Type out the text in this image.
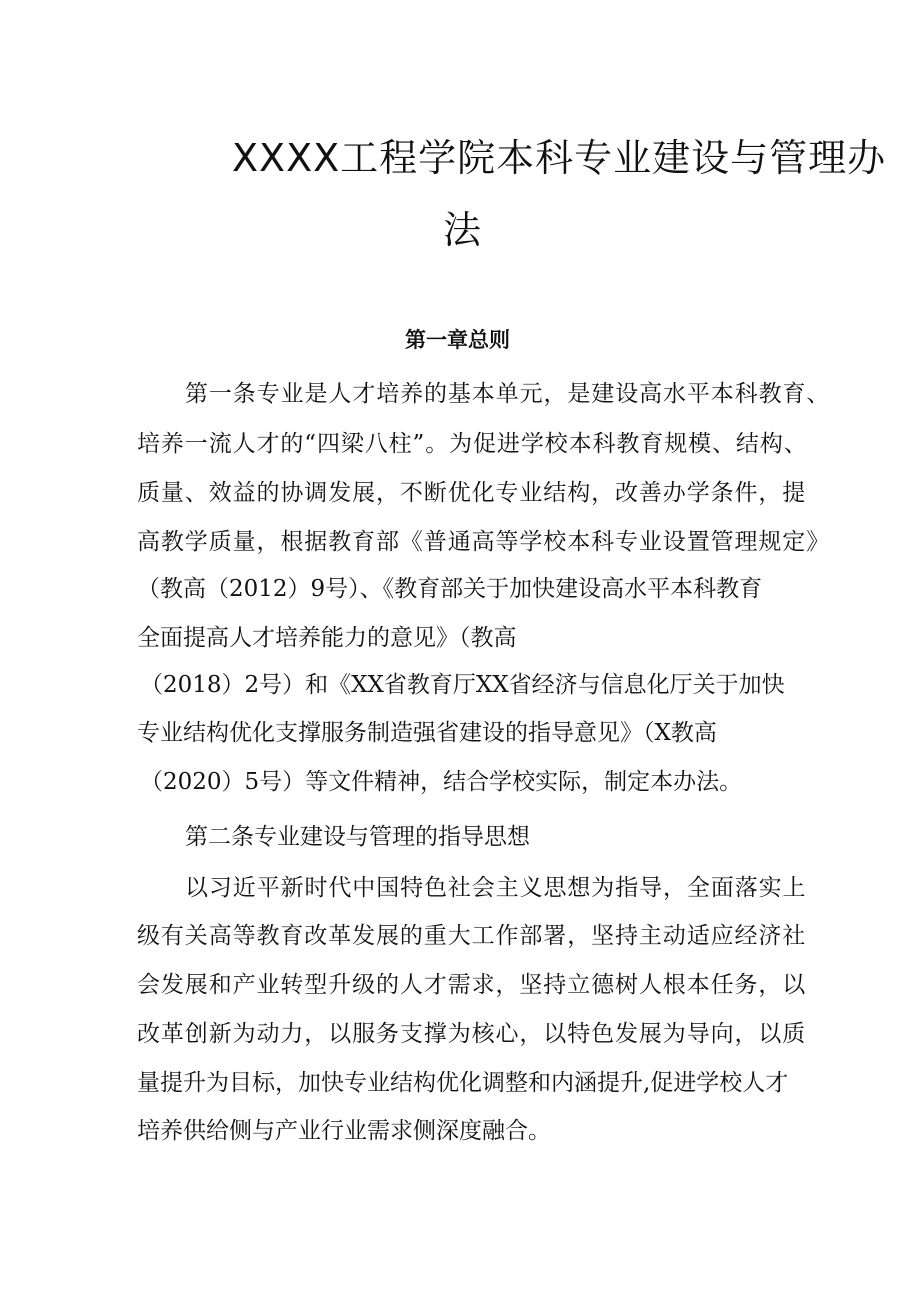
XXXX工程学院本科专业建设与管理办
法
第一章总则
第一条专业是人才培养的基本单元，是建设高水平本科教育、
培养一流人才的“四梁八柱”。为促进学校本科教育规模、结构、
质量、效益的协调发展，不断优化专业结构，改善办学条件，提
高教学质量，根据教育部《普通高等学校本科专业设置管理规定》
（教高（2012）9号）、《教育部关于加快建设高水平本科教育
全面提高人才培养能力的意见》（教高
（2018）2号）和《XX省教育厅XX省经济与信息化厅关于加快
专业结构优化支撑服务制造强省建设的指导意见》（X教高
（2020）5号）等文件精神，结合学校实际，制定本办法。
第二条专业建设与管理的指导思想
以习近平新时代中国特色社会主义思想为指导，全面落实上
级有关高等教育改革发展的重大工作部署，坚持主动适应经济社
会发展和产业转型升级的人才需求，坚持立德树人根本任务，以
改革创新为动力，以服务支撑为核心，以特色发展为导向，以质
量提升为目标，加快专业结构优化调整和内涵提升,促进学校人才
培养供给侧与产业行业需求侧深度融合。
